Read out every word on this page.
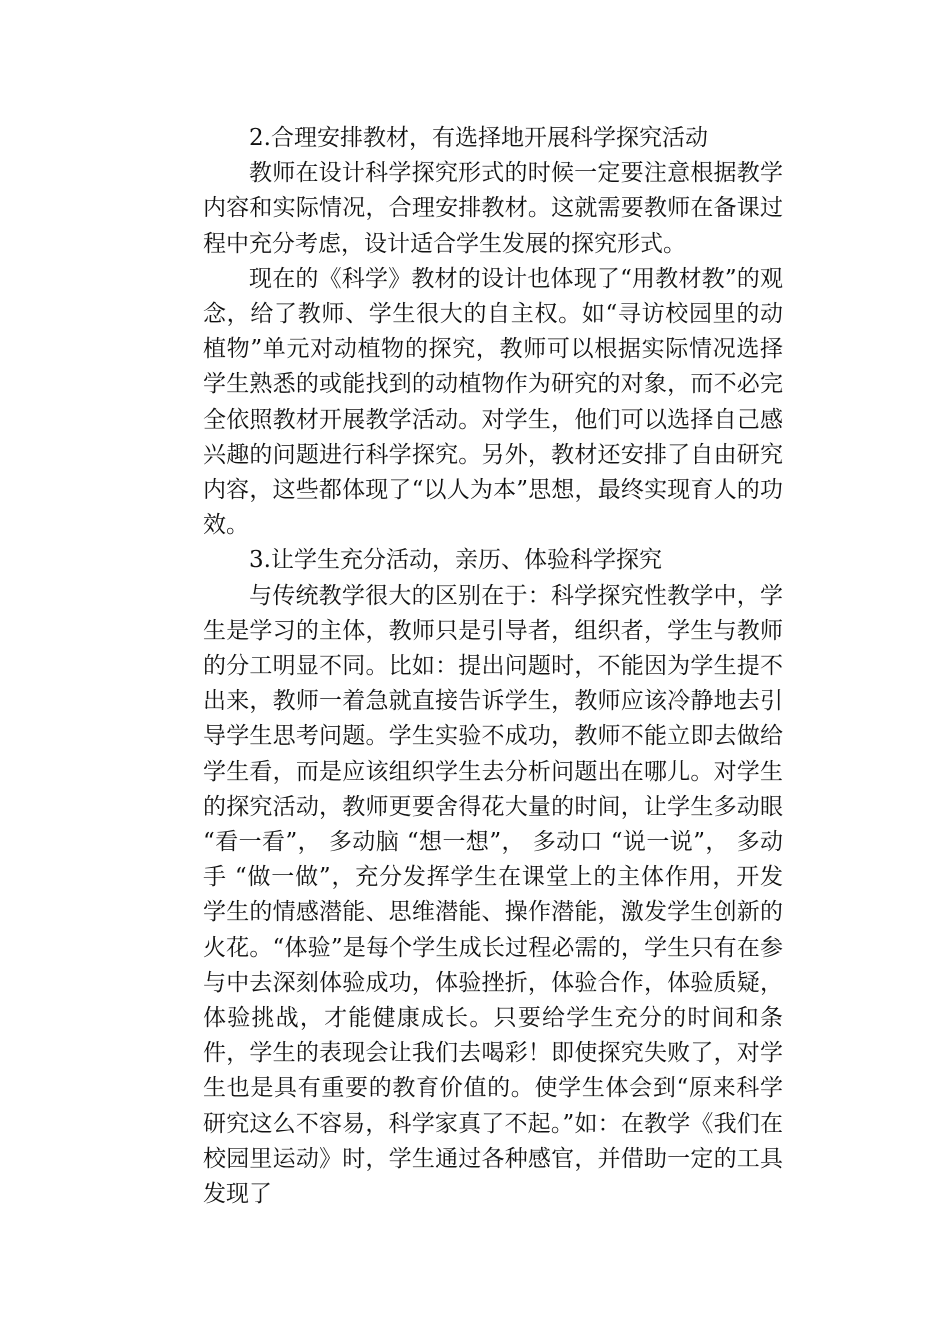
2.合理安排教材，有选择地开展科学探究活动

教师在设计科学探究形式的时候一定要注意根据教学内容和实际情况，合理安排教材。这就需要教师在备课过程中充分考虑，设计适合学生发展的探究形式。

现在的《科学》教材的设计也体现了“用教材教”的观念，给了教师、学生很大的自主权。如“寻访校园里的动植物”单元对动植物的探究，教师可以根据实际情况选择学生熟悉的或能找到的动植物作为研究的对象，而不必完全依照教材开展教学活动。对学生，他们可以选择自己感兴趣的问题进行科学探究。另外，教材还安排了自由研究内容，这些都体现了“以人为本”思想，最终实现育人的功效。

3.让学生充分活动，亲历、体验科学探究

与传统教学很大的区别在于：科学探究性教学中，学生是学习的主体，教师只是引导者，组织者，学生与教师的分工明显不同。比如：提出问题时，不能因为学生提不出来，教师一着急就直接告诉学生，教师应该冷静地去引导学生思考问题。学生实验不成功，教师不能立即去做给学生看，而是应该组织学生去分析问题出在哪儿。对学生的探究活动，教师更要舍得花大量的时间，让学生多动眼 “看一看”， 多动脑 “想一想”， 多动口 “说一说”， 多动手 “做一做”，充分发挥学生在课堂上的主体作用，开发学生的情感潜能、思维潜能、操作潜能，激发学生创新的火花。“体验”是每个学生成长过程必需的，学生只有在参与中去深刻体验成功，体验挫折，体验合作，体验质疑，体验挑战，才能健康成长。只要给学生充分的时间和条件，学生的表现会让我们去喝彩！即使探究失败了，对学生也是具有重要的教育价值的。使学生体会到“原来科学研究这么不容易，科学家真了不起。”如：在教学《我们在校园里运动》时，学生通过各种感官，并借助一定的工具发现了
